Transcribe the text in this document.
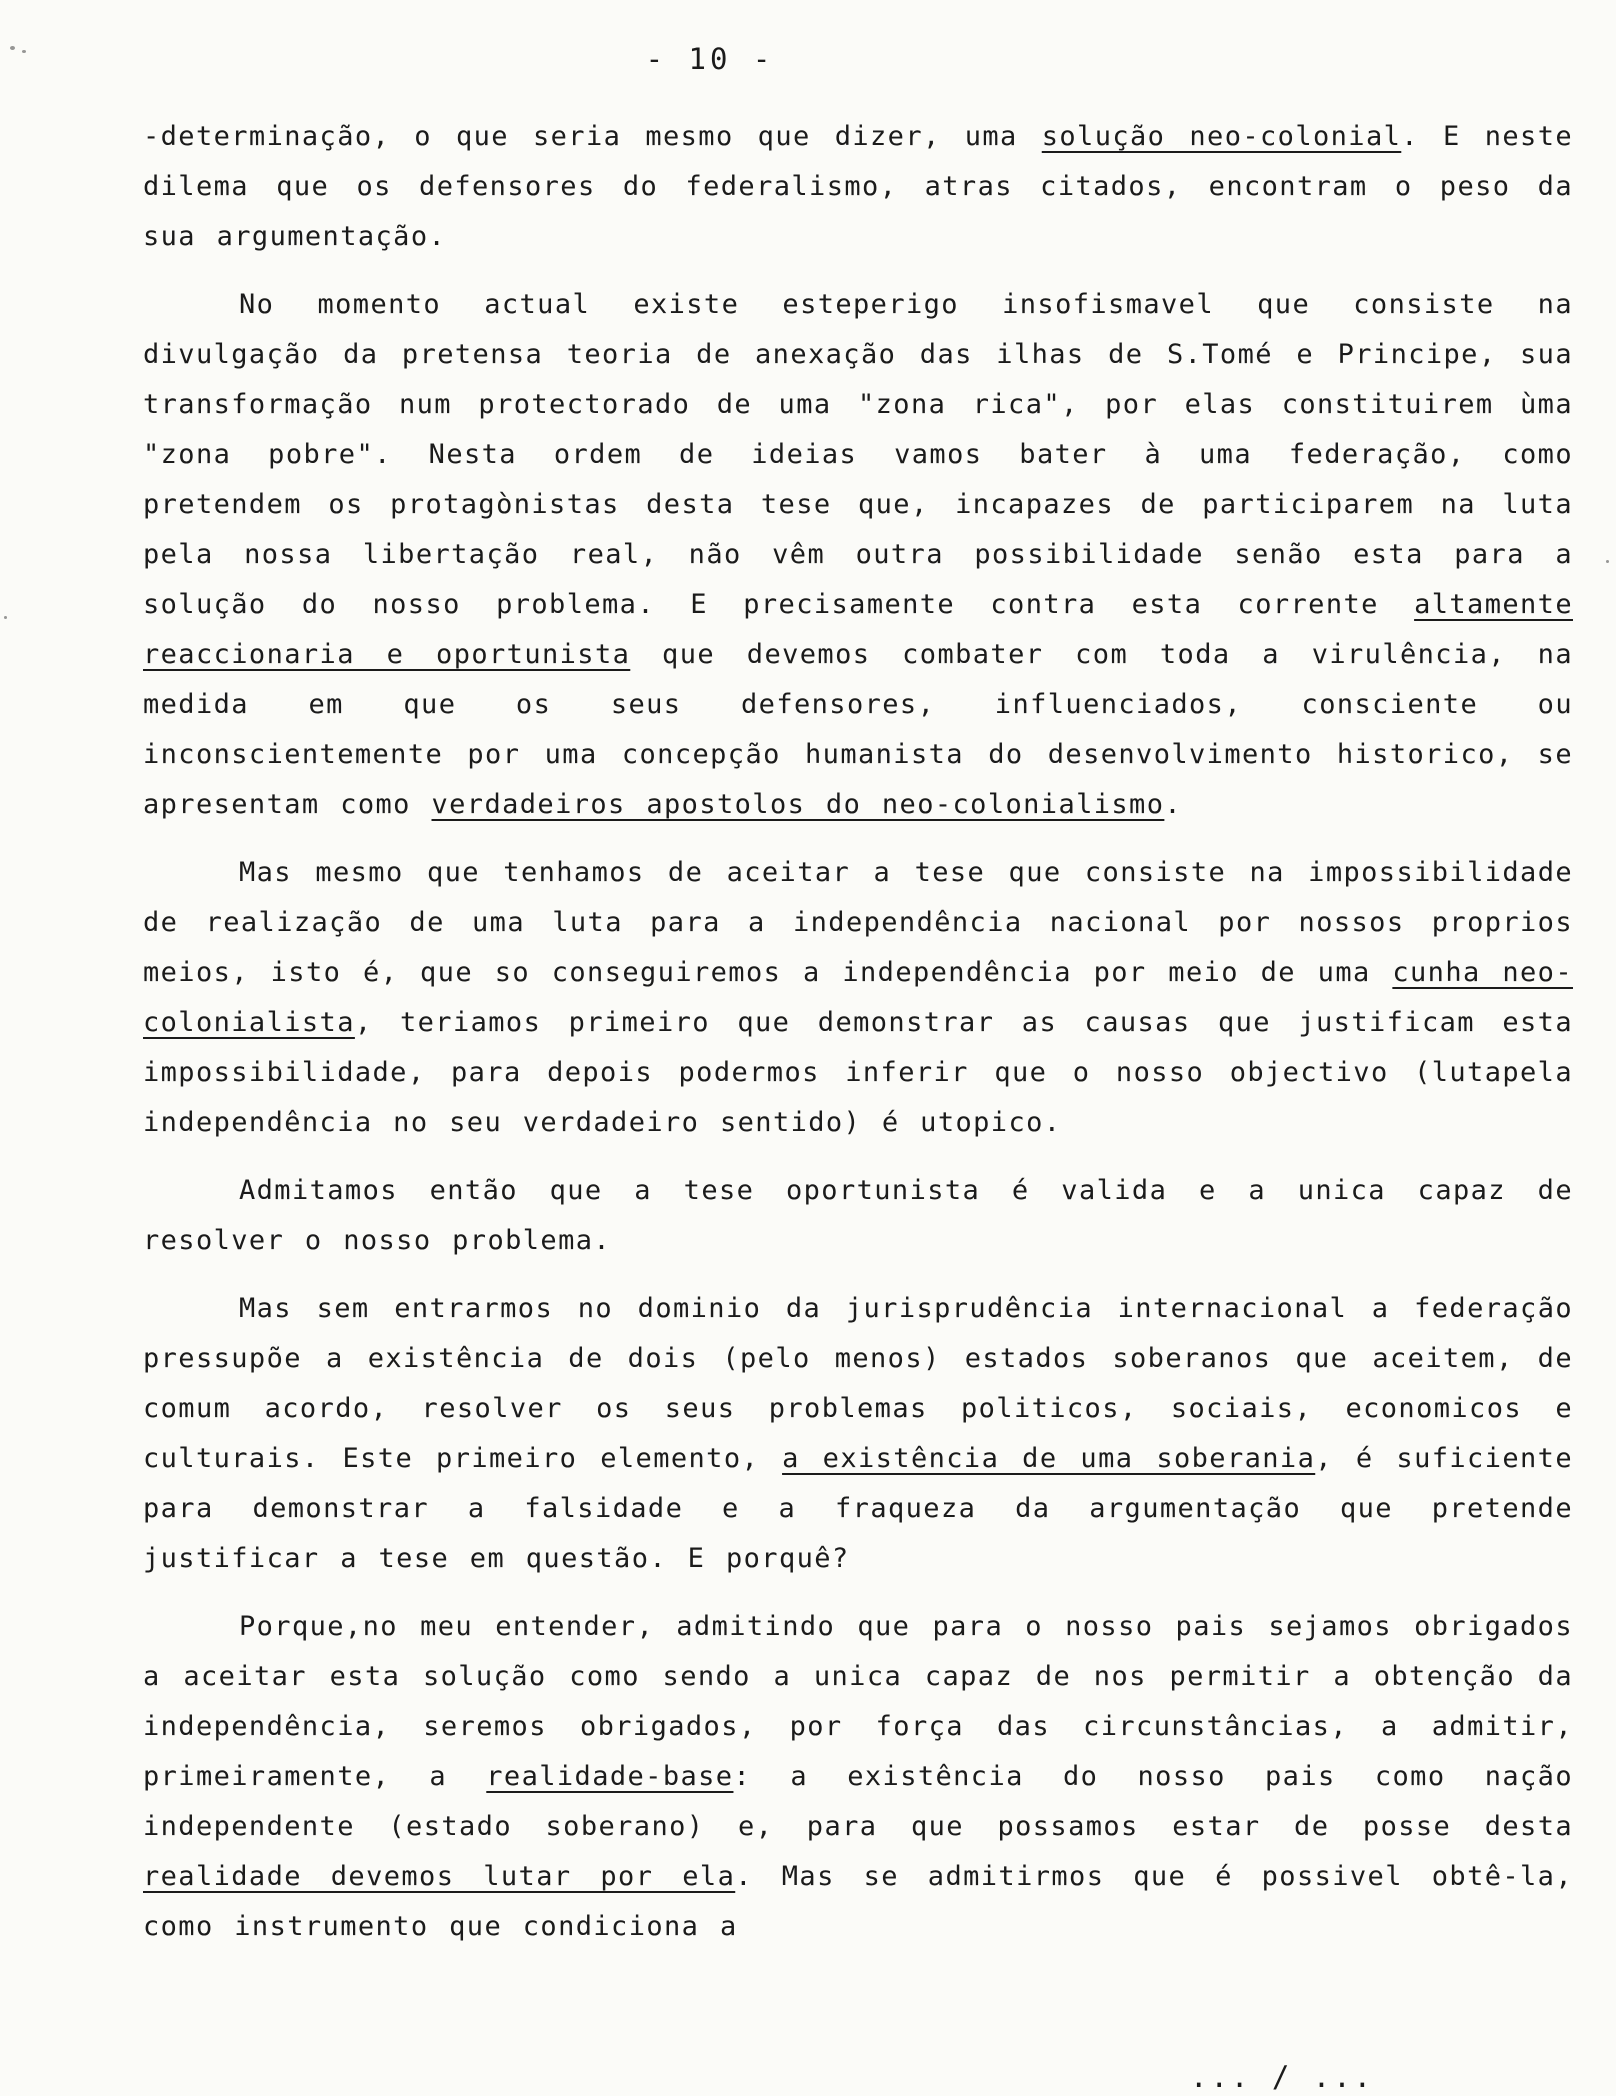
- 10 -

-determinação, o que seria mesmo que dizer, uma solução neo-colonial. E neste dilema que os defensores do federalismo, atras citados, encontram o peso da sua argumentação.

No momento actual existe esteperigo insofismavel que consiste na divulgação da pretensa teoria de anexação das ilhas de S.Tomé e Principe, sua transformação num protectorado de uma "zona rica", por elas constituirem ùma "zona pobre". Nesta ordem de ideias vamos bater à uma federação, como pretendem os protagònistas desta tese que, incapazes de participarem na luta pela nossa libertação real, não vêm outra possibilidade senão esta para a solução do nosso problema. E precisamente contra esta corrente altamente reaccionaria e oportunista que devemos combater com toda a virulência, na medida em que os seus defensores, influenciados, consciente ou inconscientemente por uma concepção humanista do desenvolvimento historico, se apresentam como verdadeiros apostolos do neo-colonialismo.

Mas mesmo que tenhamos de aceitar a tese que consiste na impossibilidade de realização de uma luta para a independência nacional por nossos proprios meios, isto é, que so conseguiremos a independência por meio de uma cunha neo-colonialista, teriamos primeiro que demonstrar as causas que justificam esta impossibilidade, para depois podermos inferir que o nosso objectivo (lutapela independência no seu verdadeiro sentido) é utopico.

Admitamos então que a tese oportunista é valida e a unica capaz de resolver o nosso problema.

Mas sem entrarmos no dominio da jurisprudência internacional a federação pressupõe a existência de dois (pelo menos) estados soberanos que aceitem, de comum acordo, resolver os seus problemas politicos, sociais, economicos e culturais. Este primeiro elemento, a existência de uma soberania, é suficiente para demonstrar a falsidade e a fraqueza da argumentação que pretende justificar a tese em questão. E porquê?

Porque,no meu entender, admitindo que para o nosso pais sejamos obrigados a aceitar esta solução como sendo a unica capaz de nos permitir a obtenção da independência, seremos obrigados, por força das circunstâncias, a admitir, primeiramente, a realidade-base: a existência do nosso pais como nação independente (estado soberano) e, para que possamos estar de posse desta realidade devemos lutar por ela. Mas se admitirmos que é possivel obtê-la, como instrumento que condiciona a

... / ...
